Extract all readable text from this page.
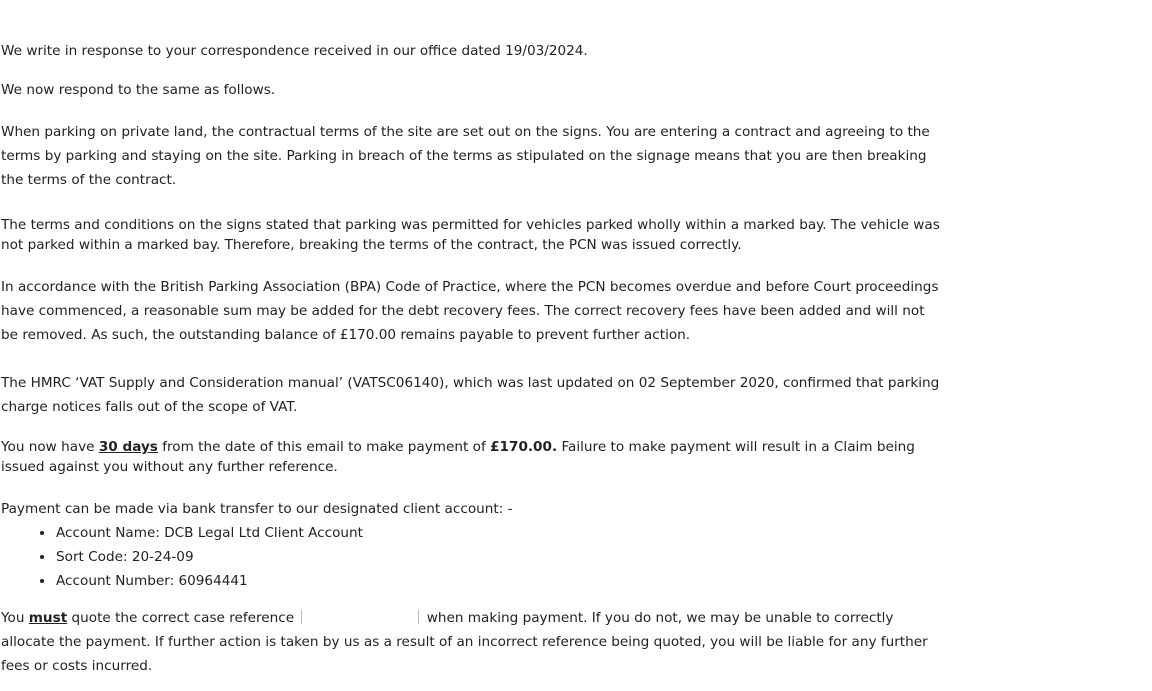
We write in response to your correspondence received in our office dated 19/03/2024.

We now respond to the same as follows.

When parking on private land, the contractual terms of the site are set out on the signs. You are entering a contract and agreeing to the terms by parking and staying on the site. Parking in breach of the terms as stipulated on the signage means that you are then breaking the terms of the contract.

The terms and conditions on the signs stated that parking was permitted for vehicles parked wholly within a marked bay. The vehicle was not parked within a marked bay. Therefore, breaking the terms of the contract, the PCN was issued correctly.

In accordance with the British Parking Association (BPA) Code of Practice, where the PCN becomes overdue and before Court proceedings have commenced, a reasonable sum may be added for the debt recovery fees. The correct recovery fees have been added and will not be removed. As such, the outstanding balance of £170.00 remains payable to prevent further action.

The HMRC ‘VAT Supply and Consideration manual’ (VATSC06140), which was last updated on 02 September 2020, confirmed that parking charge notices falls out of the scope of VAT.

You now have 30 days from the date of this email to make payment of £170.00. Failure to make payment will result in a Claim being issued against you without any further reference.

Payment can be made via bank transfer to our designated client account: -

Account Name: DCB Legal Ltd Client Account
Sort Code: 20-24-09
Account Number: 60964441

You must quote the correct case reference	when making payment. If you do not, we may be unable to correctly allocate the payment. If further action is taken by us as a result of an incorrect reference being quoted, you will be liable for any further fees or costs incurred.
